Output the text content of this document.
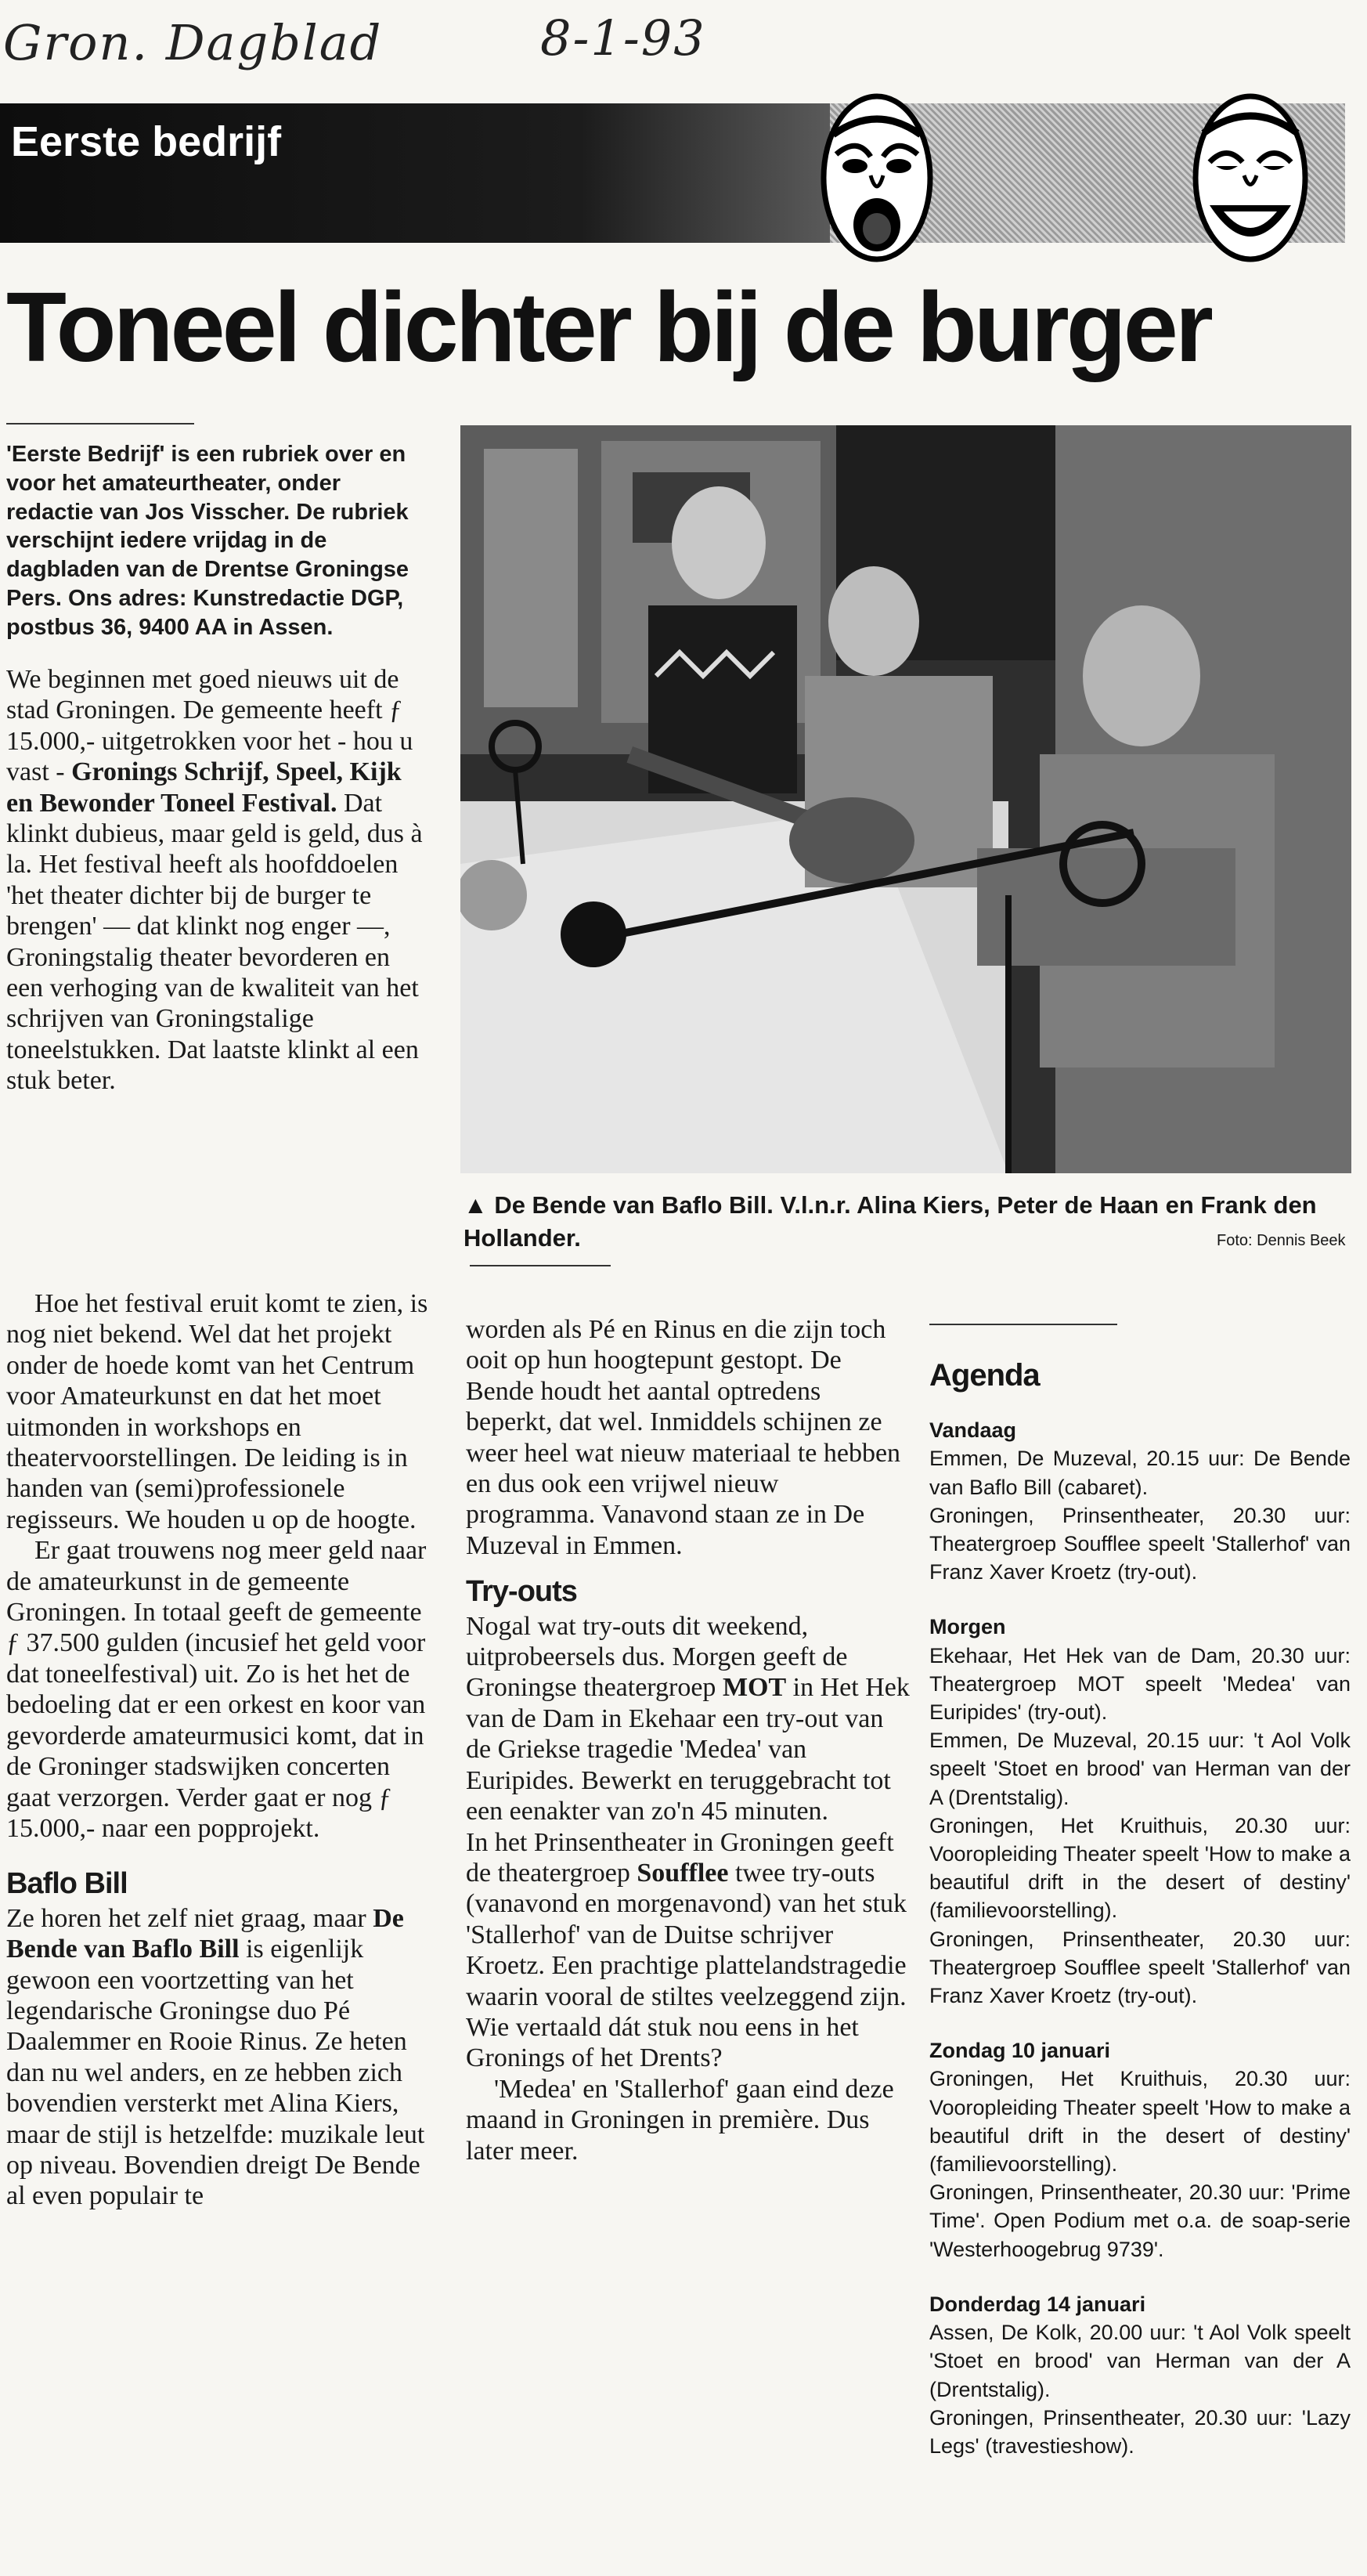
Gron. Dagblad	8-1-93
Eerste bedrijf
Toneel dichter bij de burger
'Eerste Bedrijf' is een rubriek over en voor het amateurtheater, onder redactie van Jos Visscher. De rubriek verschijnt iedere vrijdag in de dagbladen van de Drentse Groningse Pers. Ons adres: Kunstredactie DGP, postbus 36, 9400 AA in Assen.

We beginnen met goed nieuws uit de stad Groningen. De gemeente heeft ƒ 15.000,- uitgetrokken voor het - hou u vast - Gronings Schrijf, Speel, Kijk en Bewonder Toneel Festival. Dat klinkt dubieus, maar geld is geld, dus à la. Het festival heeft als hoofddoelen 'het theater dichter bij de burger te brengen' — dat klinkt nog enger —, Groningstalig theater bevorderen en een verhoging van de kwaliteit van het schrijven van Groningstalige toneelstukken. Dat laatste klinkt al een stuk beter.

Hoe het festival eruit komt te zien, is nog niet bekend. Wel dat het projekt onder de hoede komt van het Centrum voor Amateurkunst en dat het moet uitmonden in workshops en theatervoorstellingen. De leiding is in handen van (semi)professionele regisseurs. We houden u op de hoogte.

Er gaat trouwens nog meer geld naar de amateurkunst in de gemeente Groningen. In totaal geeft de gemeente ƒ 37.500 gulden (incusief het geld voor dat toneelfestival) uit. Zo is het het de bedoeling dat er een orkest en koor van gevorderde amateurmusici komt, dat in de Groninger stadswijken concerten gaat verzorgen. Verder gaat er nog ƒ 15.000,- naar een popprojekt.

Baflo Bill

Ze horen het zelf niet graag, maar De Bende van Baflo Bill is eigenlijk gewoon een voortzetting van het legendarische Groningse duo Pé Daalemmer en Rooie Rinus. Ze heten dan nu wel anders, en ze hebben zich bovendien versterkt met Alina Kiers, maar de stijl is hetzelfde: muzikale leut op niveau. Bovendien dreigt De Bende al even populair te

worden als Pé en Rinus en die zijn toch ooit op hun hoogtepunt gestopt. De Bende houdt het aantal optredens beperkt, dat wel. Inmiddels schijnen ze weer heel wat nieuw materiaal te hebben en dus ook een vrijwel nieuw programma. Vanavond staan ze in De Muzeval in Emmen.

Try-outs

Nogal wat try-outs dit weekend, uitprobeersels dus. Morgen geeft de Groningse theatergroep MOT in Het Hek van de Dam in Ekehaar een try-out van de Griekse tragedie 'Medea' van Euripides. Bewerkt en teruggebracht tot een eenakter van zo'n 45 minuten.

In het Prinsentheater in Groningen geeft de theatergroep Soufflee twee try-outs (vanavond en morgenavond) van het stuk 'Stallerhof' van de Duitse schrijver Kroetz. Een prachtige plattelandstragedie waarin vooral de stiltes veelzeggend zijn. Wie vertaald dát stuk nou eens in het Gronings of het Drents?

'Medea' en 'Stallerhof' gaan eind deze maand in Groningen in première. Dus later meer.

▲ De Bende van Baflo Bill. V.l.n.r. Alina Kiers, Peter de Haan en Frank den Hollander.	Foto: Dennis Beek
Agenda
Vandaag
Emmen, De Muzeval, 20.15 uur: De Bende van Baflo Bill (cabaret).
Groningen, Prinsentheater, 20.30 uur: Theatergroep Soufflee speelt 'Stallerhof' van Franz Xaver Kroetz (try-out).
Morgen
Ekehaar, Het Hek van de Dam, 20.30 uur: Theatergroep MOT speelt 'Medea' van Euripides' (try-out).
Emmen, De Muzeval, 20.15 uur: 't Aol Volk speelt 'Stoet en brood' van Herman van der A (Drentstalig).
Groningen, Het Kruithuis, 20.30 uur: Vooropleiding Theater speelt 'How to make a beautiful drift in the desert of destiny' (familievoorstelling).
Groningen, Prinsentheater, 20.30 uur: Theatergroep Soufflee speelt 'Stallerhof' van Franz Xaver Kroetz (try-out).
Zondag 10 januari
Groningen, Het Kruithuis, 20.30 uur: Vooropleiding Theater speelt 'How to make a beautiful drift in the desert of destiny' (familievoorstelling).
Groningen, Prinsentheater, 20.30 uur: 'Prime Time'. Open Podium met o.a. de soap-serie 'Westerhoogebrug 9739'.
Donderdag 14 januari
Assen, De Kolk, 20.00 uur: 't Aol Volk speelt 'Stoet en brood' van Herman van der A (Drentstalig).
Groningen, Prinsentheater, 20.30 uur: 'Lazy Legs' (travestieshow).
